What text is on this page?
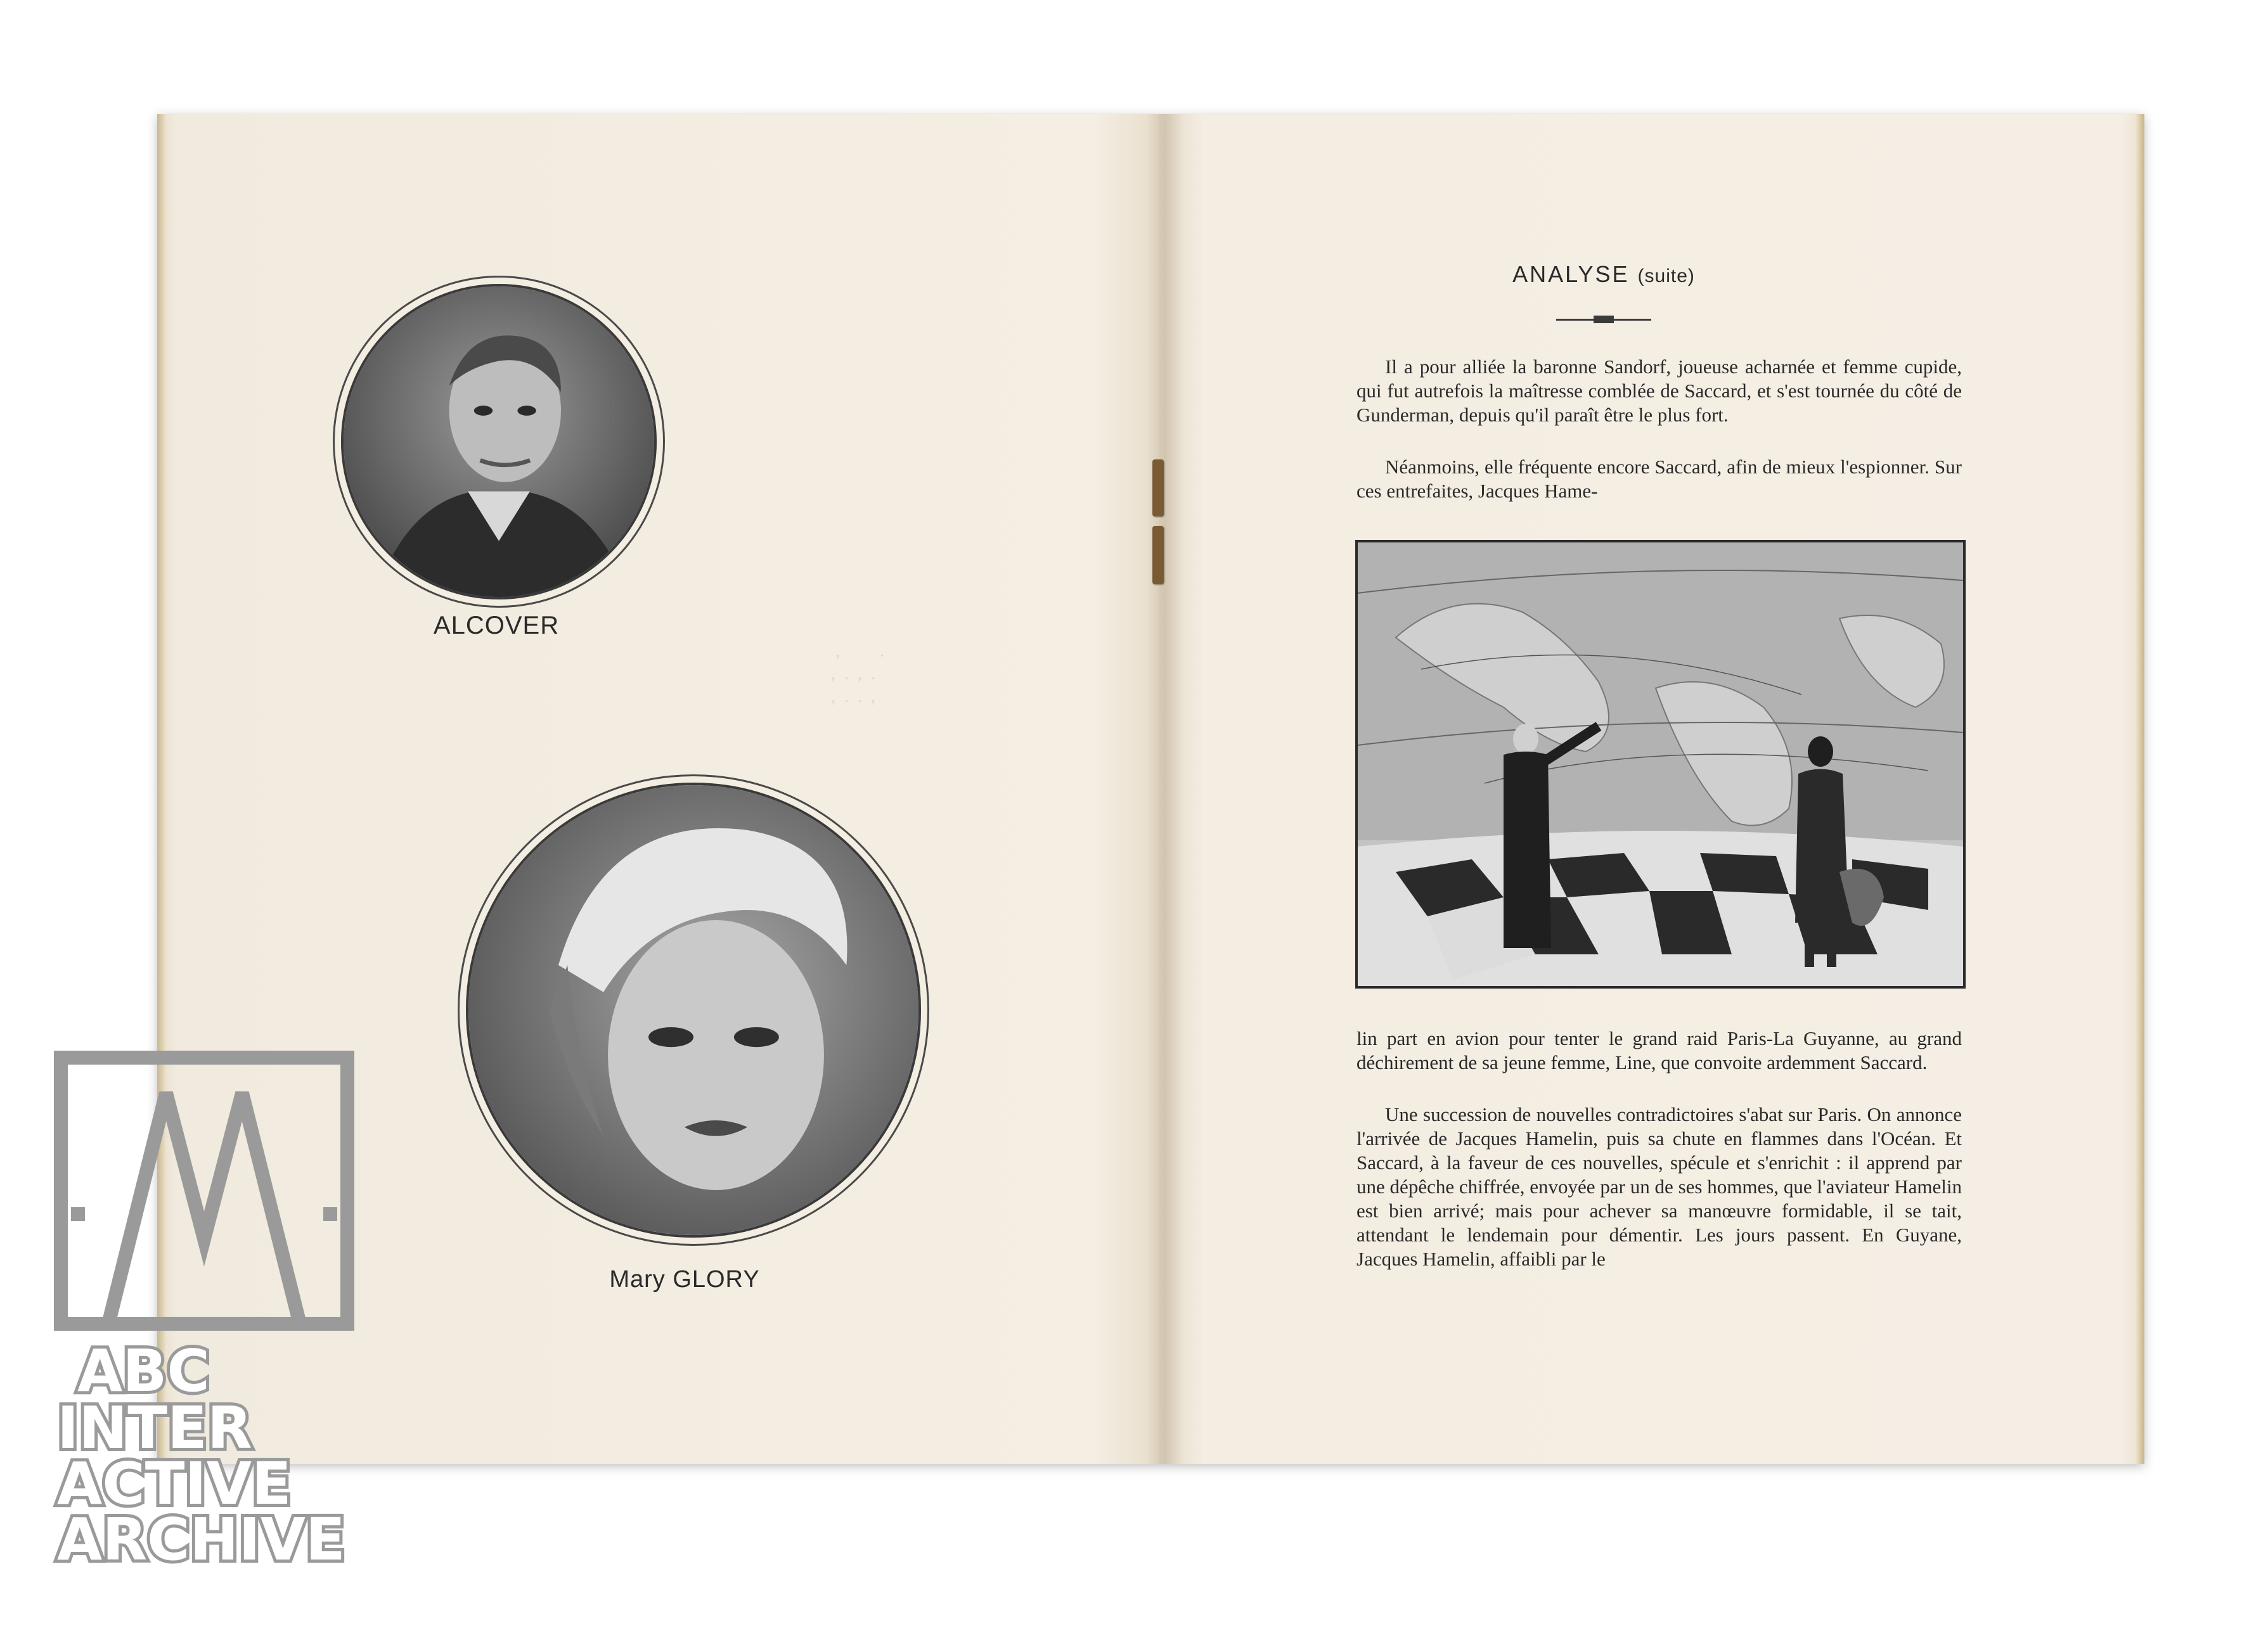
,         .
,  .  ,  .
,  .  .  ,
ALCOVER
Mary GLORY
ANALYSE (suite)

Il a pour alliée la baronne Sandorf, joueuse acharnée et femme cupide, qui fut autrefois la maîtresse comblée de Saccard, et s'est tournée du côté de Gunderman, depuis qu'il paraît être le plus fort.

Néanmoins, elle fréquente encore Saccard, afin de mieux l'espionner. Sur ces entrefaites, Jacques Hame-

lin part en avion pour tenter le grand raid Paris-La Guyanne, au grand déchirement de sa jeune femme, Line, que convoite ardemment Saccard.

Une succession de nouvelles contradictoires s'abat sur Paris. On annonce l'arrivée de Jacques Hamelin, puis sa chute en flammes dans l'Océan. Et Saccard, à la faveur de ces nouvelles, spécule et s'enrichit : il apprend par une dépêche chiffrée, envoyée par un de ses hommes, que l'aviateur Hamelin est bien arrivé; mais pour achever sa manœuvre formidable, il se tait, attendant le lendemain pour démentir. Les jours passent. En Guyane, Jacques Hamelin, affaibli par le

ABC
INTER
ACTIVE
ARCHIVE
